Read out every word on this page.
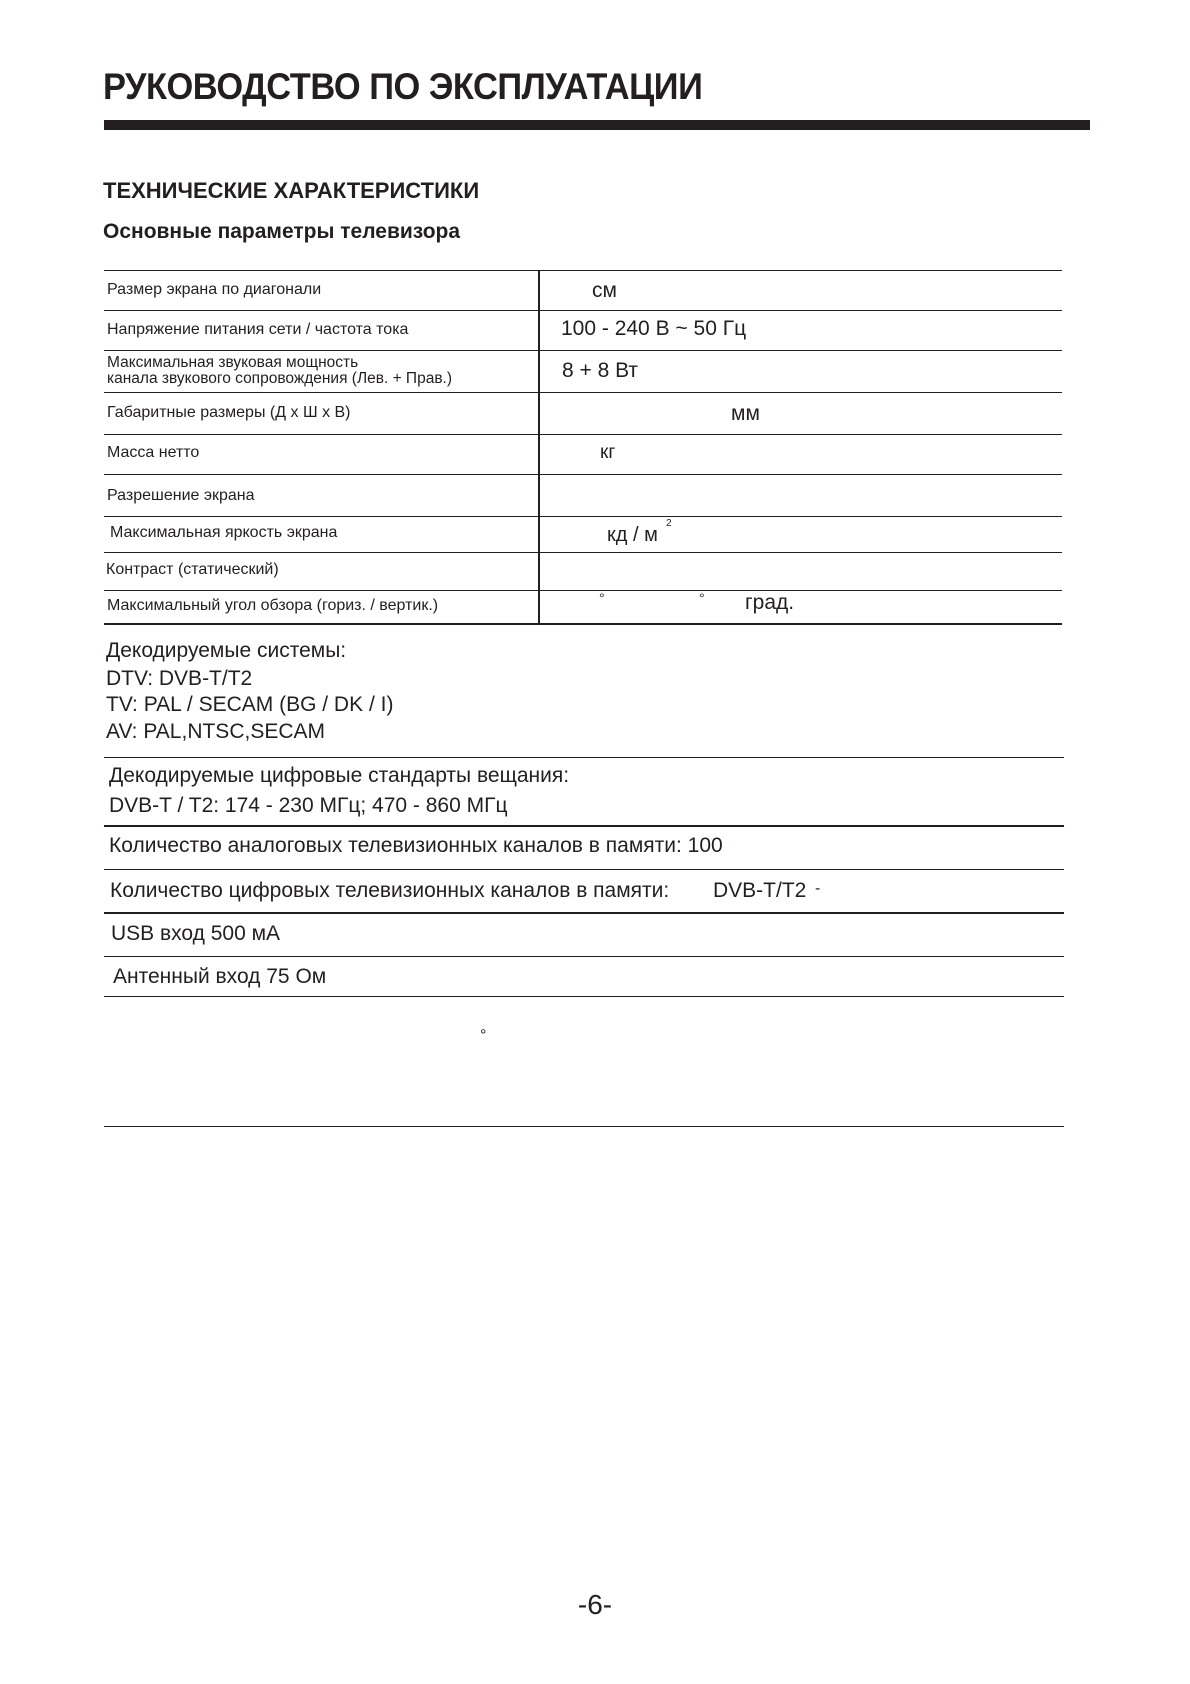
РУКОВОДСТВО ПО ЭКСПЛУАТАЦИИ
ТЕХНИЧЕСКИЕ ХАРАКТЕРИСТИКИ
Основные параметры телевизора
Размер экрана по диагонали	см
Напряжение питания сети / частота тока	100 - 240 В ~ 50 Гц
Максимальная звуковая мощность
канала звукового сопровождения (Лев. + Прав.)	8 + 8 Вт
Габаритные размеры (Д х Ш х В)	мм
Масса нетто	кг
Разрешение экрана
Максимальная яркость экрана	кд / м
2
Контраст (статический)
Максимальный угол обзора (гориз. / вертик.)	°	° град.
Декодируемые системы:
DTV: DVB-T/T2
TV: PAL / SECAM (BG / DK / I)
AV: PAL,NTSC,SECAM
Декодируемые цифровые стандарты вещания:
DVB-T / T2: 174 - 230 МГц; 470 - 860 МГц
Количество аналоговых телевизионных каналов в памяти: 100
Количество цифровых телевизионных каналов в памяти: DVB-T/T2 -
USB вход 500 мА
Антенный вход 75 Ом
°
-6-
